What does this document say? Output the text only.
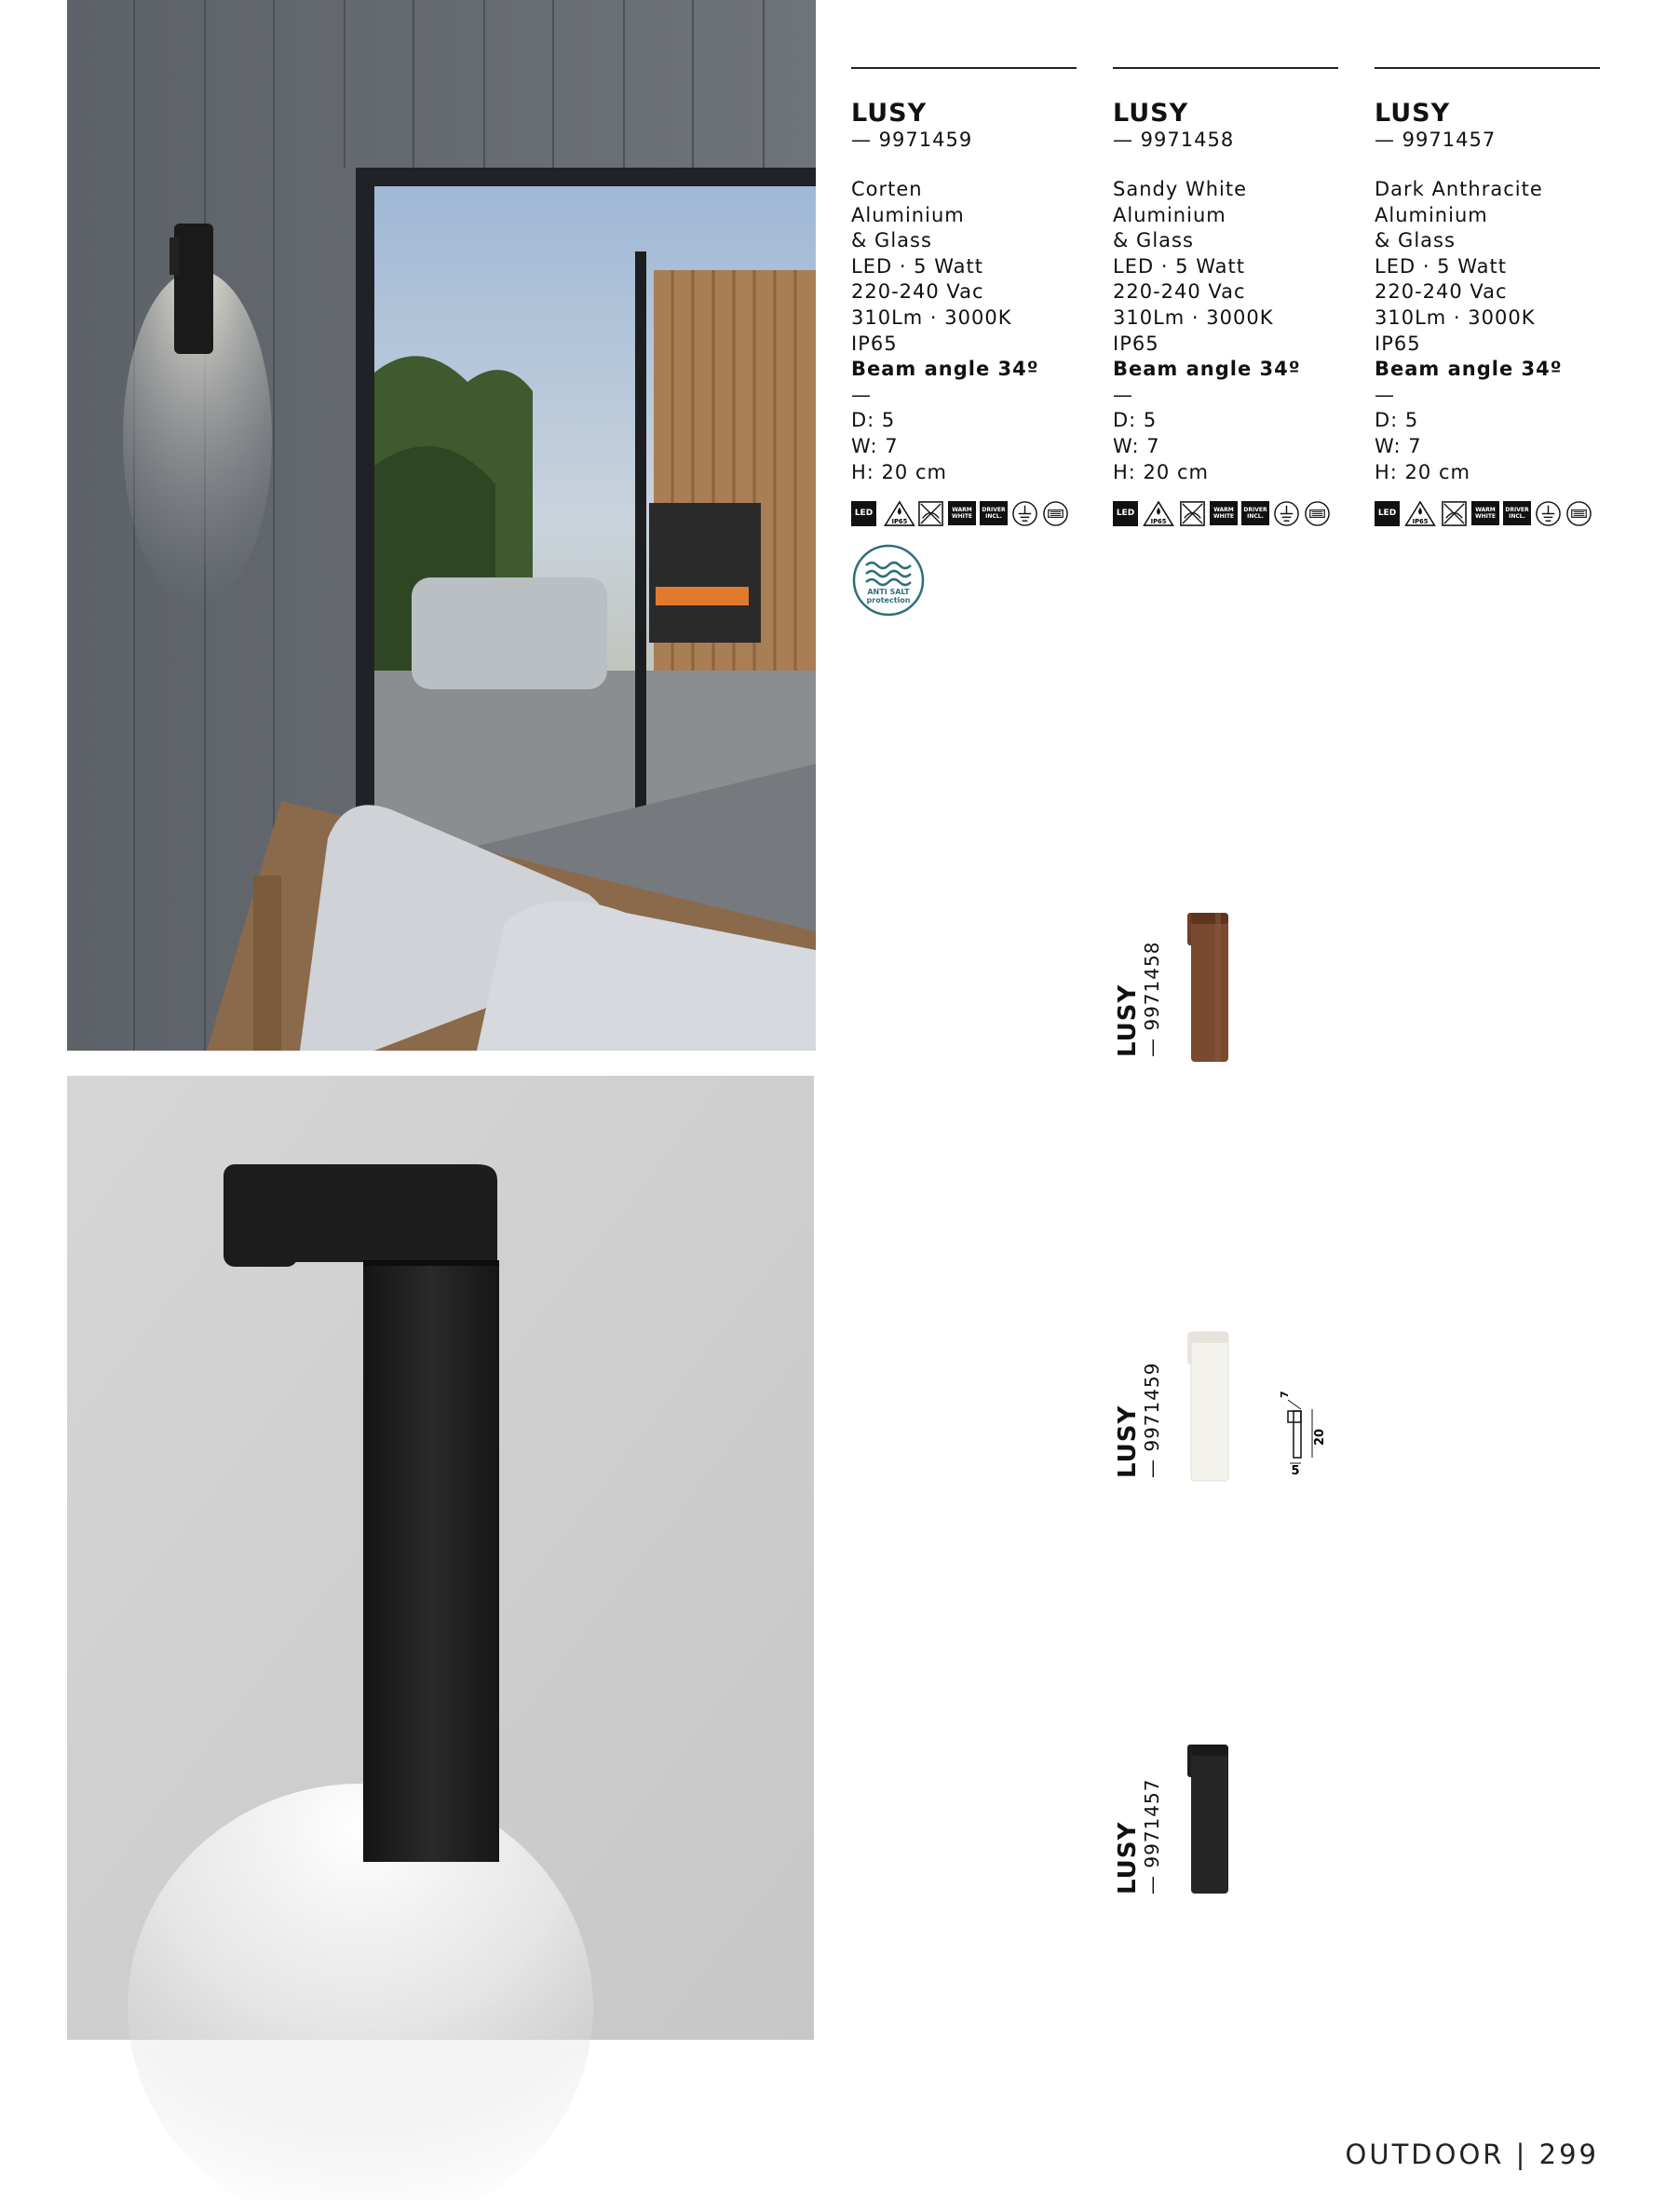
LUSY
— 9971459
Corten
Aluminium
& Glass
LED · 5 Watt
220-240 Vac
310Lm · 3000K
IP65
Beam angle 34º
—
D: 5
W: 7
H: 20 cm
LED
IP65
WARM
WHITE
DRIVER
INCL.
ANTI SALT
protection
LUSY
— 9971458
Sandy White
Aluminium
& Glass
LED · 5 Watt
220-240 Vac
310Lm · 3000K
IP65
Beam angle 34º
—
D: 5
W: 7
H: 20 cm
LED
IP65
WARM
WHITE
DRIVER
INCL.
LUSY
— 9971457
Dark Anthracite
Aluminium
& Glass
LED · 5 Watt
220-240 Vac
310Lm · 3000K
IP65
Beam angle 34º
—
D: 5
W: 7
H: 20 cm
LED
IP65
WARM
WHITE
DRIVER
INCL.
LUSY — 9971458
LUSY — 9971459	7
20
5
LUSY — 9971457
OUTDOOR | 299
